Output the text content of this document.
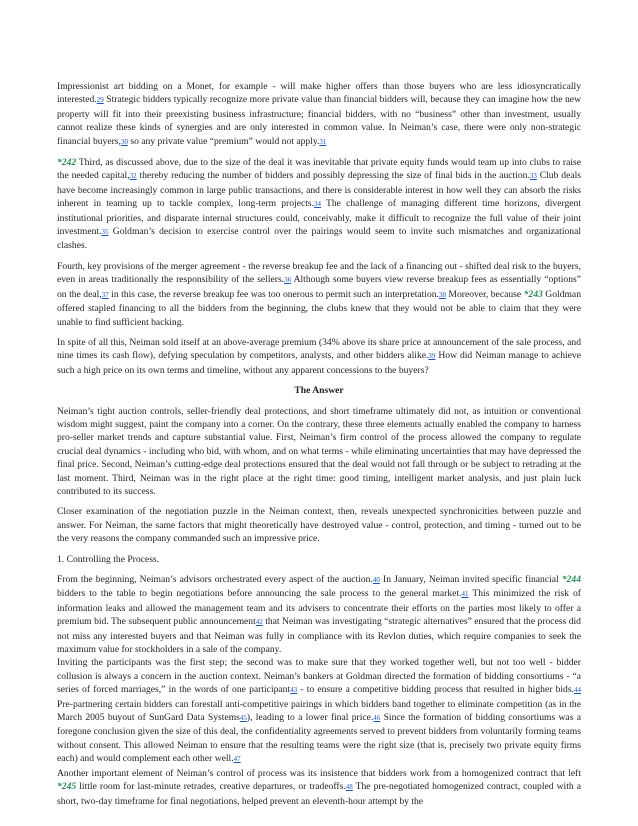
Impressionist art bidding on a Monet, for example - will make higher offers than those buyers who are less idiosyncratically interested.29 Strategic bidders typically recognize more private value than financial bidders will, because they can imagine how the new property will fit into their preexisting business infrastructure; financial bidders, with no “business” other than investment, usually cannot realize these kinds of synergies and are only interested in common value. In Neiman’s case, there were only non-strategic financial buyers,30 so any private value “premium” would not apply.31

*242 Third, as discussed above, due to the size of the deal it was inevitable that private equity funds would team up into clubs to raise the needed capital,32 thereby reducing the number of bidders and possibly depressing the size of final bids in the auction.33 Club deals have become increasingly common in large public transactions, and there is considerable interest in how well they can absorb the risks inherent in teaming up to tackle complex, long-term projects.34 The challenge of managing different time horizons, divergent institutional priorities, and disparate internal structures could, conceivably, make it difficult to recognize the full value of their joint investment.35 Goldman’s decision to exercise control over the pairings would seem to invite such mismatches and organizational clashes.

Fourth, key provisions of the merger agreement - the reverse breakup fee and the lack of a financing out - shifted deal risk to the buyers, even in areas traditionally the responsibility of the sellers.36 Although some buyers view reverse breakup fees as essentially “options” on the deal,37 in this case, the reverse breakup fee was too onerous to permit such an interpretation.38 Moreover, because *243 Goldman offered stapled financing to all the bidders from the beginning, the clubs knew that they would not be able to claim that they were unable to find sufficient backing.

In spite of all this, Neiman sold itself at an above-average premium (34% above its share price at announcement of the sale process, and nine times its cash flow), defying speculation by competitors, analysts, and other bidders alike.39 How did Neiman manage to achieve such a high price on its own terms and timeline, without any apparent concessions to the buyers?

The Answer

Neiman’s tight auction controls, seller-friendly deal protections, and short timeframe ultimately did not, as intuition or conventional wisdom might suggest, paint the company into a corner. On the contrary, these three elements actually enabled the company to harness pro-seller market trends and capture substantial value. First, Neiman’s firm control of the process allowed the company to regulate crucial deal dynamics - including who bid, with whom, and on what terms - while eliminating uncertainties that may have depressed the final price. Second, Neiman’s cutting-edge deal protections ensured that the deal would not fall through or be subject to retrading at the last moment. Third, Neiman was in the right place at the right time: good timing, intelligent market analysis, and just plain luck contributed to its success.

Closer examination of the negotiation puzzle in the Neiman context, then, reveals unexpected synchronicities between puzzle and answer. For Neiman, the same factors that might theoretically have destroyed value - control, protection, and timing - turned out to be the very reasons the company commanded such an impressive price.

1. Controlling the Process.

From the beginning, Neiman’s advisors orchestrated every aspect of the auction.40 In January, Neiman invited specific financial *244 bidders to the table to begin negotiations before announcing the sale process to the general market.41 This minimized the risk of information leaks and allowed the management team and its advisers to concentrate their efforts on the parties most likely to offer a premium bid. The subsequent public announcement42 that Neiman was investigating “strategic alternatives” ensured that the process did not miss any interested buyers and that Neiman was fully in compliance with its Revlon duties, which require companies to seek the maximum value for stockholders in a sale of the company.

Inviting the participants was the first step; the second was to make sure that they worked together well, but not too well - bidder collusion is always a concern in the auction context. Neiman’s bankers at Goldman directed the formation of bidding consortiums - “a series of forced marriages,” in the words of one participant43 - to ensure a competitive bidding process that resulted in higher bids.44 Pre-partnering certain bidders can forestall anti-competitive pairings in which bidders band together to eliminate competition (as in the March 2005 buyout of SunGard Data Systems45), leading to a lower final price.46 Since the formation of bidding consortiums was a foregone conclusion given the size of this deal, the confidentiality agreements served to prevent bidders from voluntarily forming teams without consent. This allowed Neiman to ensure that the resulting teams were the right size (that is, precisely two private equity firms each) and would complement each other well.47

Another important element of Neiman’s control of process was its insistence that bidders work from a homogenized contract that left *245 little room for last-minute retrades, creative departures, or tradeoffs.48 The pre-negotiated homogenized contract, coupled with a short, two-day timeframe for final negotiations, helped prevent an eleventh-hour attempt by the
